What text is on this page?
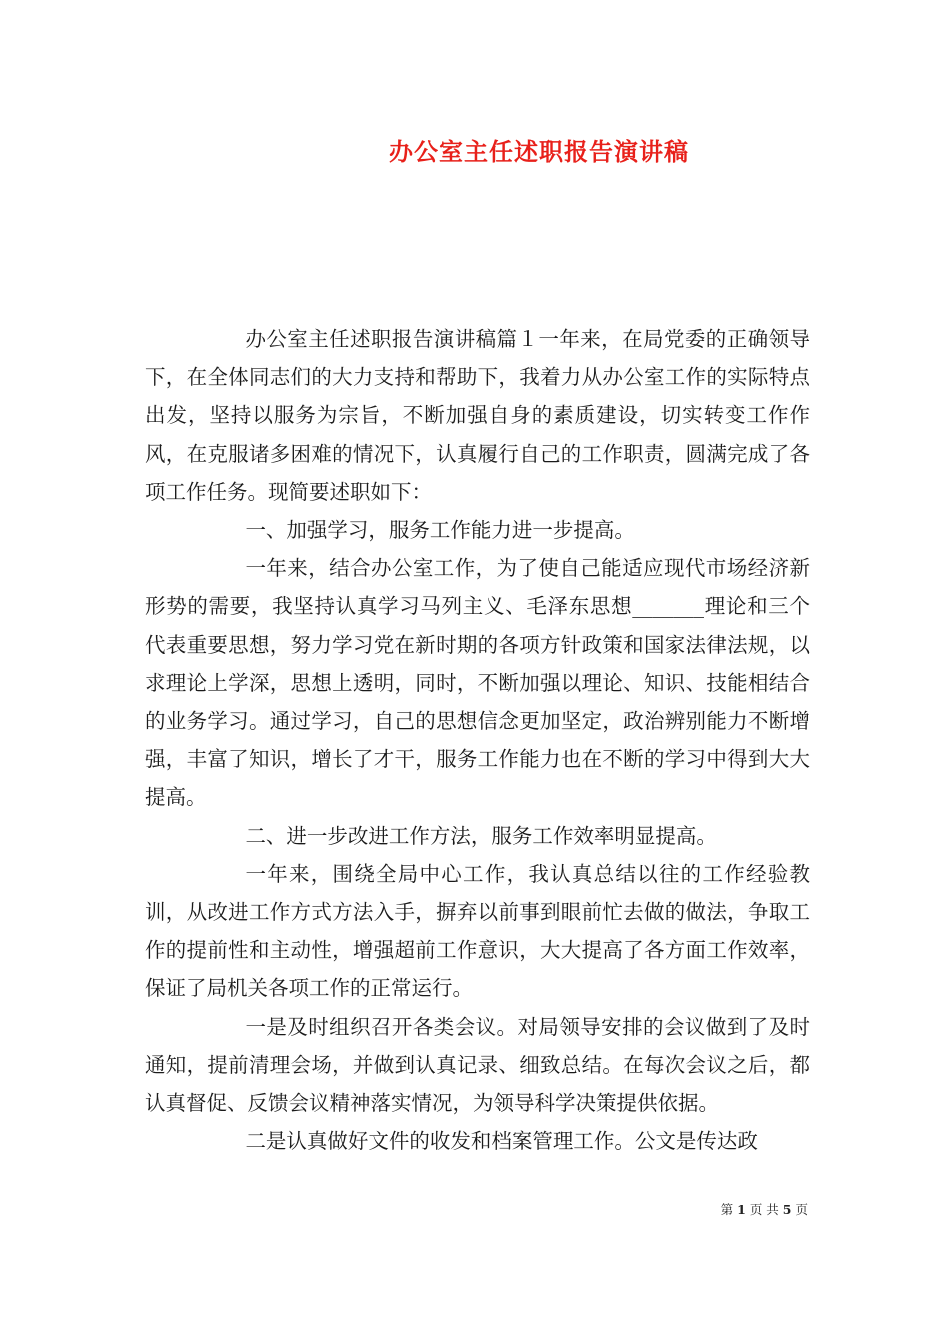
办公室主任述职报告演讲稿

办公室主任述职报告演讲稿篇１一年来，在局党委的正确领导下，在全体同志们的大力支持和帮助下，我着力从办公室工作的实际特点出发，坚持以服务为宗旨，不断加强自身的素质建设，切实转变工作作风，在克服诸多困难的情况下，认真履行自己的工作职责，圆满完成了各项工作任务。现简要述职如下：

一、加强学习，服务工作能力进一步提高。

一年来，结合办公室工作，为了使自己能适应现代市场经济新形势的需要，我坚持认真学习马列主义、毛泽东思想_______理论和三个代表重要思想，努力学习党在新时期的各项方针政策和国家法律法规，以求理论上学深，思想上透明，同时，不断加强以理论、知识、技能相结合的业务学习。通过学习，自己的思想信念更加坚定，政治辨别能力不断增强，丰富了知识，增长了才干，服务工作能力也在不断的学习中得到大大提高。

二、进一步改进工作方法，服务工作效率明显提高。

一年来，围绕全局中心工作，我认真总结以往的工作经验教训，从改进工作方式方法入手，摒弃以前事到眼前忙去做的做法，争取工作的提前性和主动性，增强超前工作意识，大大提高了各方面工作效率，保证了局机关各项工作的正常运行。

一是及时组织召开各类会议。对局领导安排的会议做到了及时通知，提前清理会场，并做到认真记录、细致总结。在每次会议之后，都认真督促、反馈会议精神落实情况，为领导科学决策提供依据。

二是认真做好文件的收发和档案管理工作。公文是传达政

第 1 页 共 5 页
